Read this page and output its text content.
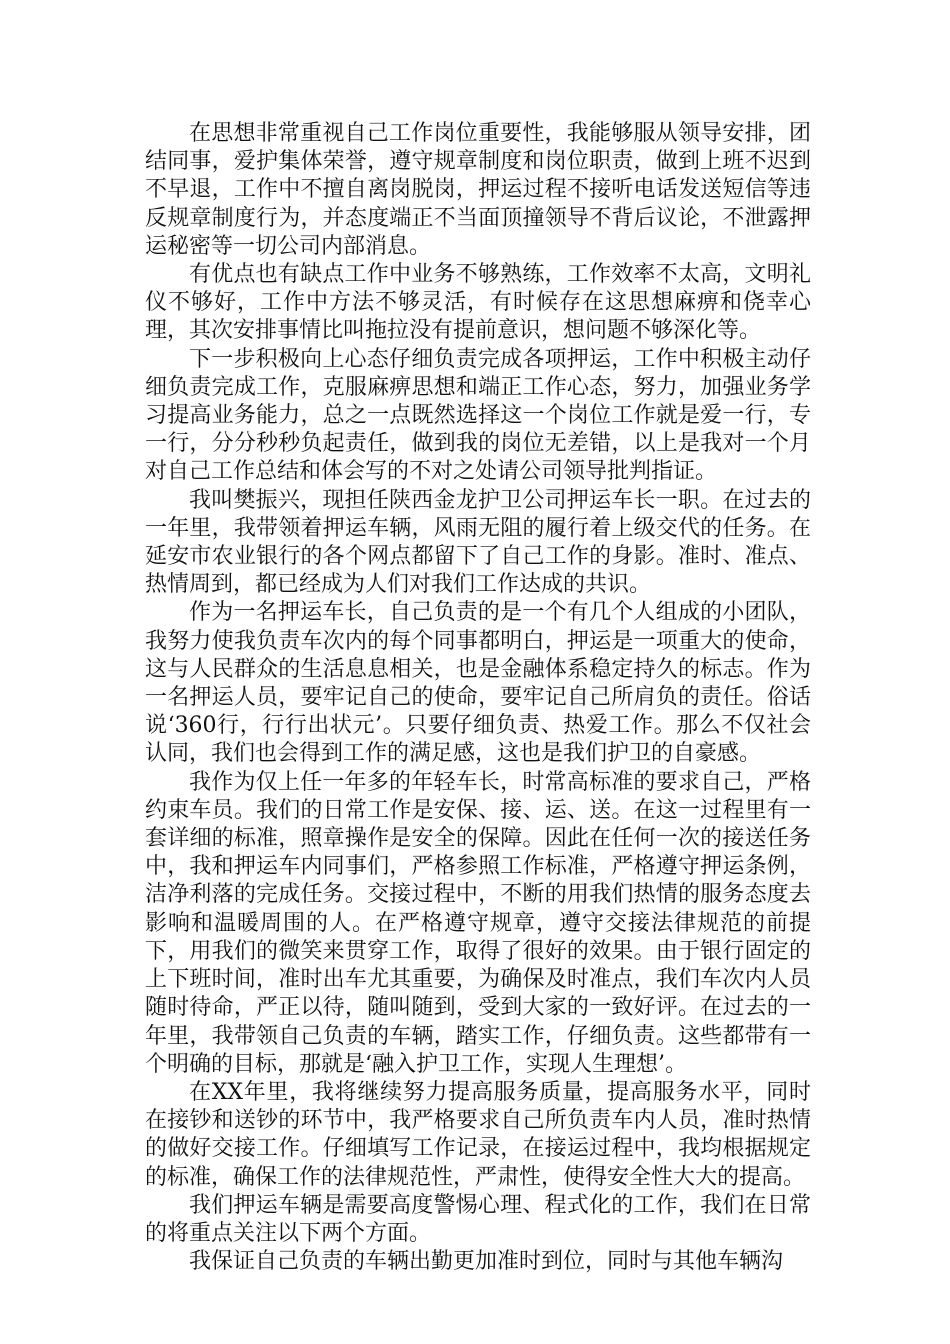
在思想非常重视自己工作岗位重要性，我能够服从领导安排，团结同事，爱护集体荣誉，遵守规章制度和岗位职责，做到上班不迟到不早退，工作中不擅自离岗脱岗，押运过程不接听电话发送短信等违反规章制度行为，并态度端正不当面顶撞领导不背后议论，不泄露押运秘密等一切公司内部消息。

有优点也有缺点工作中业务不够熟练，工作效率不太高，文明礼仪不够好，工作中方法不够灵活，有时候存在这思想麻痹和侥幸心理，其次安排事情比叫拖拉没有提前意识，想问题不够深化等。

下一步积极向上心态仔细负责完成各项押运，工作中积极主动仔细负责完成工作，克服麻痹思想和端正工作心态，努力，加强业务学习提高业务能力，总之一点既然选择这一个岗位工作就是爱一行，专一行，分分秒秒负起责任，做到我的岗位无差错，以上是我对一个月对自己工作总结和体会写的不对之处请公司领导批判指证。

我叫樊振兴，现担任陕西金龙护卫公司押运车长一职。在过去的一年里，我带领着押运车辆，风雨无阻的履行着上级交代的任务。在延安市农业银行的各个网点都留下了自己工作的身影。准时、准点、热情周到，都已经成为人们对我们工作达成的共识。

作为一名押运车长，自己负责的是一个有几个人组成的小团队，我努力使我负责车次内的每个同事都明白，押运是一项重大的使命，这与人民群众的生活息息相关，也是金融体系稳定持久的标志。作为一名押运人员，要牢记自己的使命，要牢记自己所肩负的责任。俗话说‘360行，行行出状元’。只要仔细负责、热爱工作。那么不仅社会认同，我们也会得到工作的满足感，这也是我们护卫的自豪感。

我作为仅上任一年多的年轻车长，时常高标准的要求自己，严格约束车员。我们的日常工作是安保、接、运、送。在这一过程里有一套详细的标准，照章操作是安全的保障。因此在任何一次的接送任务中，我和押运车内同事们，严格参照工作标准，严格遵守押运条例，洁净利落的完成任务。交接过程中，不断的用我们热情的服务态度去影响和温暖周围的人。在严格遵守规章，遵守交接法律规范的前提下，用我们的微笑来贯穿工作，取得了很好的效果。由于银行固定的上下班时间，准时出车尤其重要，为确保及时准点，我们车次内人员随时待命，严正以待，随叫随到，受到大家的一致好评。在过去的一年里，我带领自己负责的车辆，踏实工作，仔细负责。这些都带有一个明确的目标，那就是‘融入护卫工作，实现人生理想’。

在XX年里，我将继续努力提高服务质量，提高服务水平，同时在接钞和送钞的环节中，我严格要求自己所负责车内人员，准时热情的做好交接工作。仔细填写工作记录，在接运过程中，我均根据规定的标准，确保工作的法律规范性，严肃性，使得安全性大大的提高。

我们押运车辆是需要高度警惕心理、程式化的工作，我们在日常的将重点关注以下两个方面。

我保证自己负责的车辆出勤更加准时到位，同时与其他车辆沟
